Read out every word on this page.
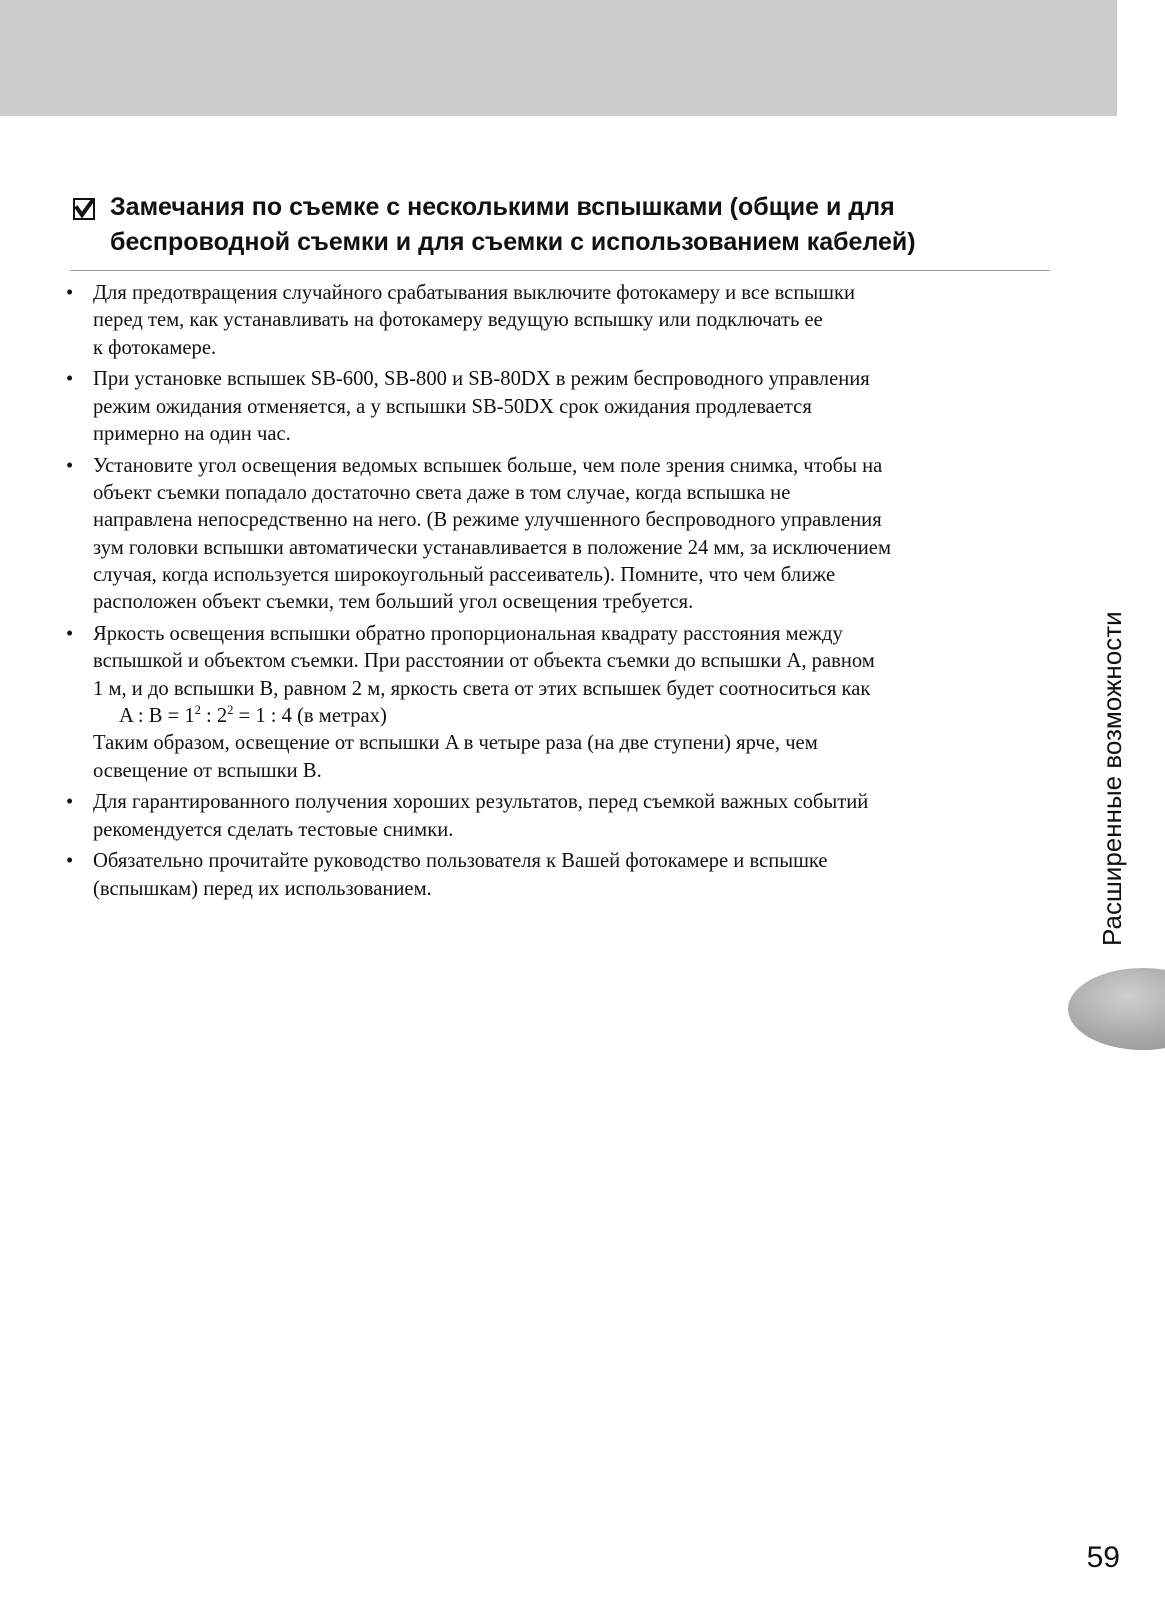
Замечания по съемке с несколькими вспышками (общие и для
беспроводной съемки и для съемки с использованием кабелей)
• Для предотвращения случайного срабатывания выключите фотокамеру и все вспышки
перед тем, как устанавливать на фотокамеру ведущую вспышку или подключать ее
к фотокамере.
• При установке вспышек SB-600, SB-800 и SB-80DX в режим беспроводного управления
режим ожидания отменяется, а у вспышки SB-50DX срок ожидания продлевается
примерно на один час.
• Установите угол освещения ведомых вспышек больше, чем поле зрения снимка, чтобы на
объект съемки попадало достаточно света даже в том случае, когда вспышка не
направлена непосредственно на него. (В режиме улучшенного беспроводного управления
зум головки вспышки автоматически устанавливается в положение 24 мм, за исключением
случая, когда используется широкоугольный рассеиватель). Помните, что чем ближе
расположен объект съемки, тем больший угол освещения требуется.
• Яркость освещения вспышки обратно пропорциональная квадрату расстояния между
вспышкой и объектом съемки. При расстоянии от объекта съемки до вспышки A, равном
1 м, и до вспышки B, равном 2 м, яркость света от этих вспышек будет соотноситься как
A : $B = 1^2$ : $2^2 = 1$ : 4 (в метрах)
Таким образом, освещение от вспышки A в четыре раза (на две ступени) ярче, чем
освещение от вспышки B.
• Для гарантированного получения хороших результатов, перед съемкой важных событий
рекомендуется сделать тестовые снимки.
• Обязательно прочитайте руководство пользователя к Вашей фотокамере и вспышке
(вспышкам) перед их использованием.	Расширенные возможности
59
